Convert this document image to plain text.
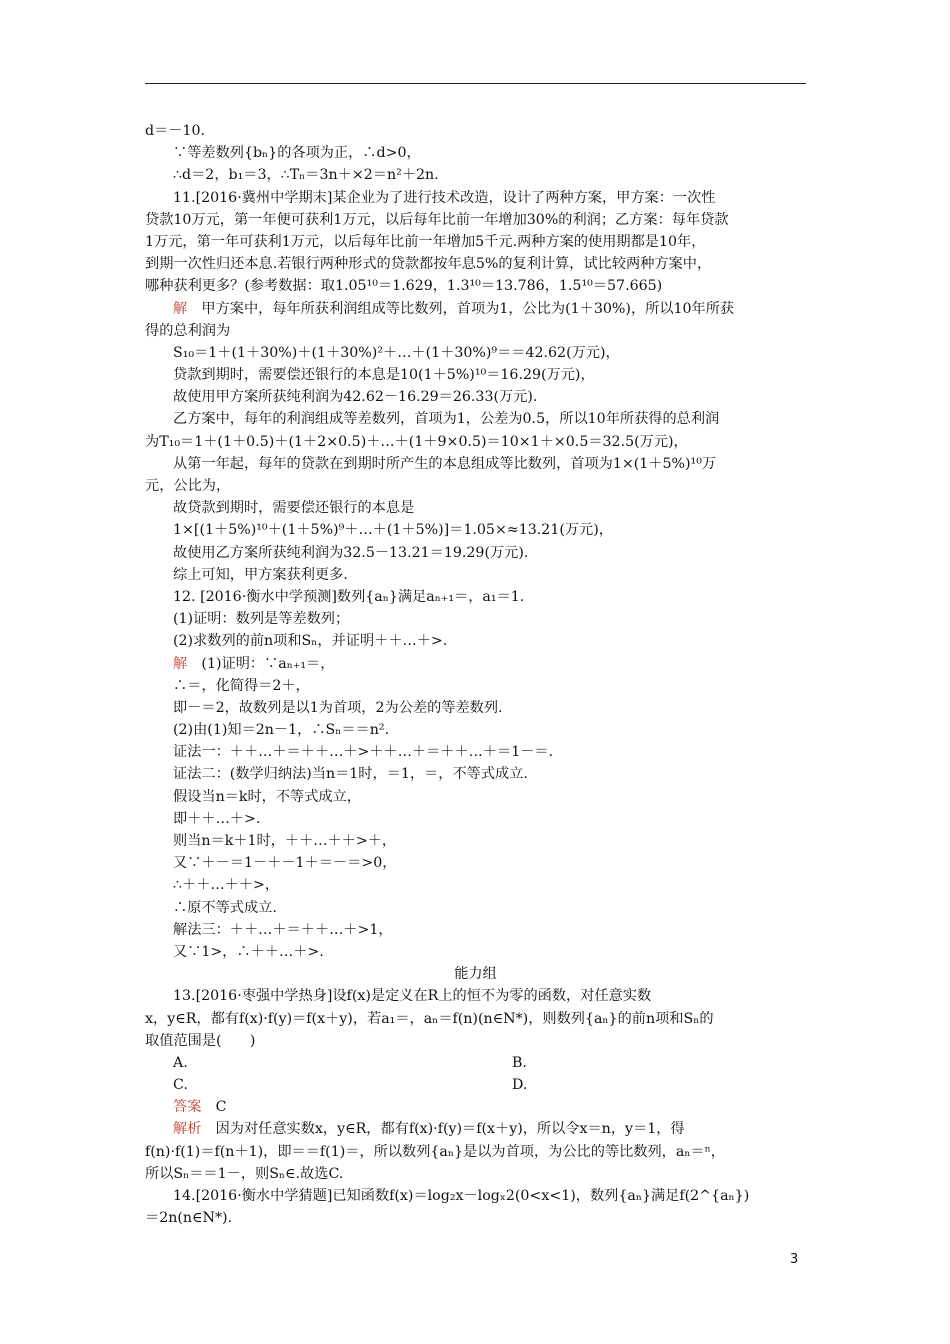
d＝－10.
∵等差数列{bₙ}的各项为正，∴d>0，
∴d＝2，b₁＝3，∴Tₙ＝3n＋×2＝n²＋2n.
11.[2016·冀州中学期末]某企业为了进行技术改造，设计了两种方案，甲方案：一次性
贷款10万元，第一年便可获利1万元，以后每年比前一年增加30%的利润；乙方案：每年贷款
1万元，第一年可获利1万元，以后每年比前一年增加5千元.两种方案的使用期都是10年，
到期一次性归还本息.若银行两种形式的贷款都按年息5%的复利计算，试比较两种方案中，
哪种获利更多？(参考数据：取1.05¹⁰＝1.629，1.3¹⁰＝13.786，1.5¹⁰＝57.665)
解　 甲方案中，每年所获利润组成等比数列，首项为1，公比为(1＋30%)，所以10年所获
得的总利润为
S₁₀＝1＋(1＋30%)＋(1＋30%)²＋…＋(1＋30%)⁹＝＝42.62(万元)，
贷款到期时，需要偿还银行的本息是10(1＋5%)¹⁰＝16.29(万元)，
故使用甲方案所获纯利润为42.62－16.29＝26.33(万元).
乙方案中，每年的利润组成等差数列，首项为1，公差为0.5，所以10年所获得的总利润
为T₁₀＝1＋(1＋0.5)＋(1＋2×0.5)＋…＋(1＋9×0.5)＝10×1＋×0.5＝32.5(万元)，
从第一年起，每年的贷款在到期时所产生的本息组成等比数列，首项为1×(1＋5%)¹⁰万
元，公比为，
故贷款到期时，需要偿还银行的本息是
1×[(1＋5%)¹⁰＋(1＋5%)⁹＋…＋(1＋5%)]＝1.05×≈13.21(万元)，
故使用乙方案所获纯利润为32.5－13.21＝19.29(万元).
综上可知，甲方案获利更多.
12. [2016·衡水中学预测]数列{aₙ}满足aₙ₊₁＝，a₁＝1.
(1)证明：数列是等差数列；
(2)求数列的前n项和Sₙ，并证明＋＋…＋>.
解　 (1)证明：∵aₙ₊₁＝，
∴＝，化简得＝2＋，
即－＝2，故数列是以1为首项，2为公差的等差数列.
(2)由(1)知＝2n－1，∴Sₙ＝＝n².
证法一：＋＋…＋＝＋＋…＋>＋＋…＋＝＋＋…＋＝1－＝.
证法二：(数学归纳法)当n＝1时，＝1，＝，不等式成立.
假设当n＝k时，不等式成立，
即＋＋…＋>.
则当n＝k＋1时，＋＋…＋＋>＋，
又∵＋－＝1－＋－1＋＝－＝>0，
∴＋＋…＋＋>，
∴原不等式成立.
解法三：＋＋…＋＝＋＋…＋>1，
又∵1>，∴＋＋…＋>.
能力组
13.[2016·枣强中学热身]设f(x)是定义在R上的恒不为零的函数，对任意实数
x，y∈R，都有f(x)·f(y)＝f(x＋y)，若a₁＝，aₙ＝f(n)(n∈N*)，则数列{aₙ}的前n项和Sₙ的
取值范围是(　　)
A.	B.
C.	D.
答案　 C
解析　 因为对任意实数x，y∈R，都有f(x)·f(y)＝f(x＋y)，所以令x＝n，y＝1，得
f(n)·f(1)＝f(n＋1)，即＝＝f(1)＝，所以数列{aₙ}是以为首项，为公比的等比数列，aₙ＝ⁿ，
所以Sₙ＝＝1－，则Sₙ∈.故选C.
14.[2016·衡水中学猜题]已知函数f(x)＝log₂x－logₓ2(0<x<1)，数列{aₙ}满足f(2^{aₙ})
＝2n(n∈N*).
3
